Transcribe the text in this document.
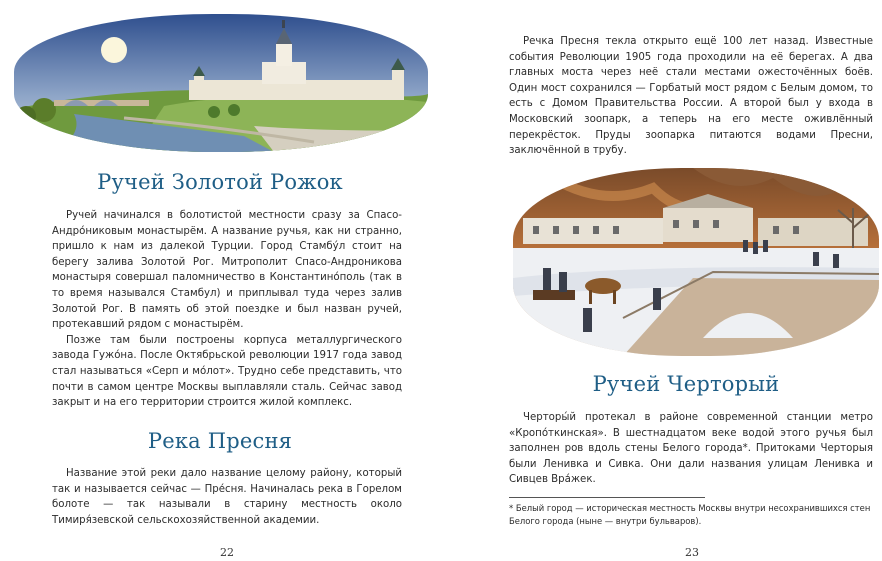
Ручей Золотой Рожок

Ручей начинался в болотистой местности сразу за Спасо-Андро́никовым монастырём. А название ручья, как ни странно, пришло к нам из далекой Турции. Город Стамбу́л стоит на берегу залива Золотой Рог. Митрополит Спасо-Андроникова монастыря совершал паломничество в Константино́поль (так в то время назывался Стамбул) и приплывал туда через залив Золотой Рог. В память об этой поездке и был назван ручей, протекавший рядом с монастырём.

Позже там были построены корпуса металлургического завода Гужо́на. После Октябрьской революции 1917 года завод стал называться «Серп и мо́лот». Трудно себе представить, что почти в самом центре Москвы выплавляли сталь. Сейчас завод закрыт и на его территории строится жилой комплекс.

Река Пресня

Название этой реки дало название целому району, который так и называется сейчас — Пре́сня. Начиналась река в Горелом болоте — так называли в старину местность около Тимиря́зевской сельскохозяйственной академии.

22

Речка Пресня текла открыто ещё 100 лет назад. Известные события Революции 1905 года проходили на её берегах. А два главных моста через неё стали местами ожесточённых боёв. Один мост сохранился — Горбатый мост рядом с Белым домом, то есть с Домом Правительства России. А второй был у входа в Московский зоопарк, а теперь на его месте оживлённый перекрёсток. Пруды зоопарка питаются водами Пресни, заключённой в трубу.

Ручей Черторый

Черторы́й протекал в районе современной станции метро «Кропо́ткинская». В шестнадцатом веке водой этого ручья был заполнен ров вдоль стены Белого города*. Притоками Черторыя были Ленивка и Сивка. Они дали названия улицам Ленивка и Сивцев Вра́жек.

* Белый город — историческая местность Москвы внутри несохранившихся стен Белого города (ныне — внутри бульваров).
23
